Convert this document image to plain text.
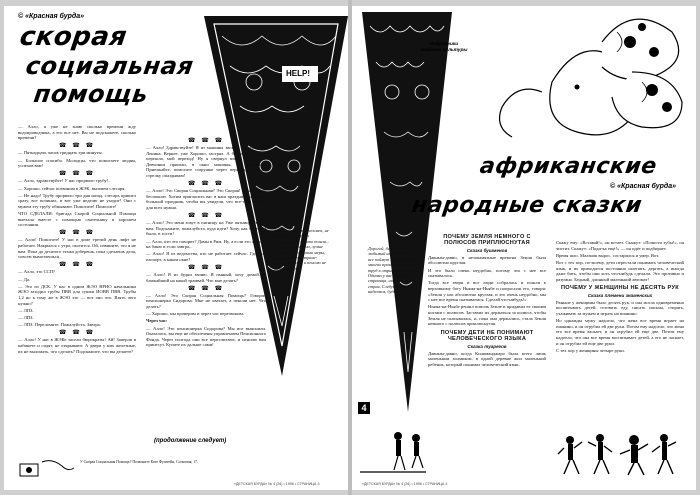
© «Красная бурда»
скорая
социальная
помощь
HELP!

— Алло, я уже не знаю сколько времени жду водопроводчика, а его все нет. Вы не подскажете, сколько времени?

☎ ☎ ☎

— Пятнадцать часов тридцать три минуты.

— Большое спасибо. Молодцы, что помогаете людям, успехов вам!

☎ ☎ ☎

— Алло, здравствуйте! У нас прорвало трубу!..

— Хорошо, сейчас позвоним в ЖЭК, вызовем слесаря.

— Не надо! Трубу прорвало три дня назад, слесарь пришел сразу, все починил, и вот уже неделю не уходит! Они с мужем эту трубу обмывают. Помогите! Помогите!

ЧТО СДЕЛАЛИ: бригада Скорой Социальной Помощи выехала вместе с помощью сантехнику в хорошем состоянии.

☎ ☎ ☎

— Алло! Помогите! У нас в доме третий день лифт не работает. Накрылся с утра, охотится. Ой, извините, это я не вам. Пока до десятого этажа доберешь, пока сделаешь дела, совсем вымотаешься...

☎ ☎ ☎

— Алло, это ССП?

— Да.

— Это из ДСК. У нас в одном ЖЭО ВРИО начальника ЖЭО заходил трубы ПВВ для сушки ИОВВ ПВВ. Трубы 1,2 но к тому же в ЖЭО это — вот оно что. Взять чего нужно?

— ЛПЗ.

— ЛПЗ.

— ЛПЗ. Переломите, Пожалуйста, Завтра.

☎ ☎ ☎

— Алло! У нас в ЖЭКе засели бюрократы! Ай! Заперли в кабинете и сидят, не открывают. А двери у них железные, их не выломать, что сделать? Подскажите, что вы делаете?

☎ ☎ ☎

— Алло! Здравствуйте! Я из машины звоню! Тут стою на Ленина. Вернее, уже Хорошо, застрял. А бабка тут дорогу перешла, мой переход! Ну я свернул влево, не оттуда. Девчонки пришли, в окно машины, не помогает! Приезжайте, помогите старушке через переход, а то на стрелку опаздываю!

☎ ☎ ☎

— Алло! Это Скорая Социальная? Это Скорая! Помощь вас беспокоит. Хотим пригласить вас в наш праздник на самый большой праздник, чтобы вы увидели, что все-таки скорая для всех нужна.

☎ ☎ ☎

— Алло! Это меня зовут в пятницу на Уже пятница. Звоню вам. Подскажите, пожалуйста, куда идти? Хочу, как бы то ни было, в гости!

— Алло, кто это говорит? Дамы в Рим. Ну, а если это жалоба на баню и если завтра...

— Алло! Я из ведомства, кто не работает сейчас. Где ваш паспорт, в каком окне?

☎ ☎ ☎

— Алло! Я из будки звоню. Я пьяный, хочу домой. А ближайший на какой трамвай. Что мне делать?

☎ ☎ ☎

— Алло! Это Скорая Социальная Помощь? Говорит пенсионерка Сидорова. Мне не хватает, а пенсии нет. Что делать?

— Хорошо, мы проверим и через час перезвоним.

Через час:

— Алло! Это пенсионерка Сидорова? Мы все выяснили. Оказалось, вы еще не обеспечены управлением Пенсионного Фонда. Через полгода они все пересчитают, и пенсию вам принесут. Купите их дальше сами!

Знаешь, любимый человек, не знаешь, как и ради соображений на это пошли... Если у тебя задача, лучше вместо этого прими меры, чтобы помочь стране: правду сказать и пенсию не задерживать.
(продолжение следует)
У Скорая Социальная Помощь? Позвоните Кате Фуштейн, Сосновая, 17.
«ДЕТСКАЯ БУРДА» № 4 (26) • 1996 • СТРАНИЦА 3
Избранники мировой культуры
африканские
народные сказки
© «Красная бурда»
Дорогой, белый человек, любимый наш читатель! Не все поймут вашу книгу, тех многих привлекает ваш труд в отрывах культуры. Однако у вас интересная страница, интересная стран. Следующая книга, надеемся, будет...
ПОЧЕМУ ЗЕМЛЯ НЕМНОГО С ПОЛЮСОВ ПРИПЛЮСНУТАЯ
Сказка бушменов

Давным-давно, в незапамятные времена Земля была абсолютно круглая.

И это было очень неудобно, потому что с нее все скатывалось.

Тогда все звери и все люди собрались и пошли к верховному богу Ньяма-на-Ньябе и попросили его, говоря: «Земля у нас абсолютно круглая, и это очень неудобно, мы с нее все время скатываемся. Сделай что-нибудь!»

Ньяма-на-Ньябе решил помочь Земле и придавил ее своими ногами с полюсов. Заставил их держаться за полюса, чтобы Земля не скатывалась, и, пока они держались, стала Земля немного с полюсов приплюснутая.

ПОЧЕМУ ДЕТИ НЕ ПОНИМАЮТ ЧЕЛОВЕЧЕСКОГО ЯЗЫКА
Сказка туарегов

Давным-давно, когда Килиманджаро была всего лишь маленьким холмиком, в одной деревне жил маленький ребенок, который понимал человеческий язык.

Скажу ему: «Вставай!», он встает. Скажут: «Почисти зубы!», он чистит. Скажут: «Поди-ка ещё!» — он идёт и подбирает.

Время шло. Мальчик вырос, состарился и умер. Вот.

Вот с тех пор, по-моему, дети перестали понимать человеческий язык, и их приходится постоянно шлепать, дергать, а иногда даже бить, чтобы они хоть что-нибудь сделали. Это противно и разумно. Бедный, длинный маленький автомат!

ПОЧЕМУ У ЖЕНЩИНЫ НЕ ДЕСЯТЬ РУК
Сказка племени знаменских

Раньше у женщины было десять рук, и она могла одновременно воспитывать детей, готовить еду, писать письма, стирать, ухаживать за мужем и играть на пианино.

Но однажды мужу надоело, что жена все время играет на пианино, и он отрубил ей две руки. Потом ему надоело, что жена его все время ласкает, и он отрубил ей еще две. Потом ему надоело, что она все время воспитывает детей, а его не ласкает, и он отрубил ей еще две руки.

С тех пор у женщины четыре руки.

4
«ДЕТСКАЯ БУРДА» № 4 (26) • 1996 • СТРАНИЦА 4
